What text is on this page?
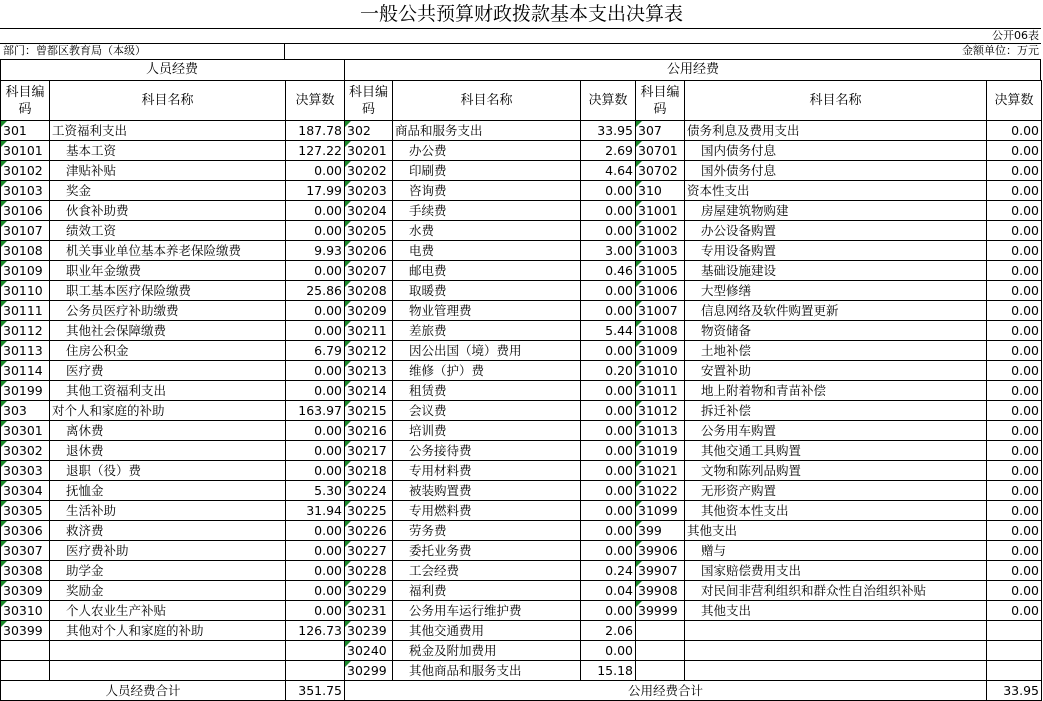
一般公共预算财政拨款基本支出决算表
公开06表
部门：曾都区教育局（本级）	金额单位：万元
人员经费	公用经费
科目编码	科目名称	决算数	科目编码	科目名称	决算数	科目编码	科目名称	决算数
301	工资福利支出	187.78	302	商品和服务支出	33.95	307	债务利息及费用支出	0.00
30101	基本工资	127.22	30201	办公费	2.69	30701	国内债务付息	0.00
30102	津贴补贴	0.00	30202	印刷费	4.64	30702	国外债务付息	0.00
30103	奖金	17.99	30203	咨询费	0.00	310	资本性支出	0.00
30106	伙食补助费	0.00	30204	手续费	0.00	31001	房屋建筑物购建	0.00
30107	绩效工资	0.00	30205	水费	0.00	31002	办公设备购置	0.00
30108	机关事业单位基本养老保险缴费	9.93	30206	电费	3.00	31003	专用设备购置	0.00
30109	职业年金缴费	0.00	30207	邮电费	0.46	31005	基础设施建设	0.00
30110	职工基本医疗保险缴费	25.86	30208	取暖费	0.00	31006	大型修缮	0.00
30111	公务员医疗补助缴费	0.00	30209	物业管理费	0.00	31007	信息网络及软件购置更新	0.00
30112	其他社会保障缴费	0.00	30211	差旅费	5.44	31008	物资储备	0.00
30113	住房公积金	6.79	30212	因公出国（境）费用	0.00	31009	土地补偿	0.00
30114	医疗费	0.00	30213	维修（护）费	0.20	31010	安置补助	0.00
30199	其他工资福利支出	0.00	30214	租赁费	0.00	31011	地上附着物和青苗补偿	0.00
303	对个人和家庭的补助	163.97	30215	会议费	0.00	31012	拆迁补偿	0.00
30301	离休费	0.00	30216	培训费	0.00	31013	公务用车购置	0.00
30302	退休费	0.00	30217	公务接待费	0.00	31019	其他交通工具购置	0.00
30303	退职（役）费	0.00	30218	专用材料费	0.00	31021	文物和陈列品购置	0.00
30304	抚恤金	5.30	30224	被装购置费	0.00	31022	无形资产购置	0.00
30305	生活补助	31.94	30225	专用燃料费	0.00	31099	其他资本性支出	0.00
30306	救济费	0.00	30226	劳务费	0.00	399	其他支出	0.00
30307	医疗费补助	0.00	30227	委托业务费	0.00	39906	赠与	0.00
30308	助学金	0.00	30228	工会经费	0.24	39907	国家赔偿费用支出	0.00
30309	奖励金	0.00	30229	福利费	0.04	39908	对民间非营利组织和群众性自治组织补贴	0.00
30310	个人农业生产补贴	0.00	30231	公务用车运行维护费	0.00	39999	其他支出	0.00
30399	其他对个人和家庭的补助	126.73	30239	其他交通费用	2.06			
			30240	税金及附加费用	0.00			
			30299	其他商品和服务支出	15.18			
人员经费合计		351.75	公用经费合计					33.95
